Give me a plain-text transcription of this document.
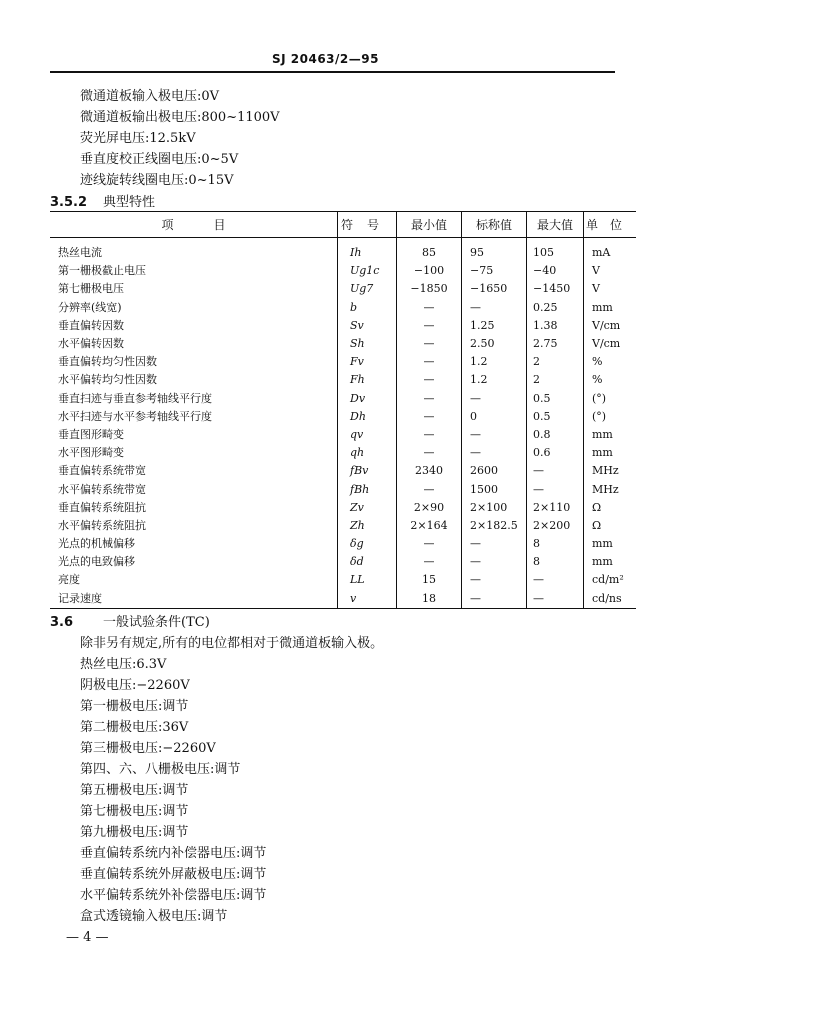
SJ 20463/2—95
微通道板输入极电压:0V
微通道板输出极电压:800~1100V
荧光屏电压:12.5kV
垂直度校正线圈电压:0~5V
迹线旋转线圈电压:0~15V
3.5.2 典型特性
项目	符号	最小值	标称值	最大值	单位

热丝电流	Ih	85	95	105	mA
第一栅极截止电压	Ug1c	−100	−75	−40	V
第七栅极电压	Ug7	−1850	−1650	−1450	V
分辨率(线宽)	b	—	—	0.25	mm
垂直偏转因数	Sv	—	1.25	1.38	V/cm
水平偏转因数	Sh	—	2.50	2.75	V/cm
垂直偏转均匀性因数	Fv	—	1.2	2	%
水平偏转均匀性因数	Fh	—	1.2	2	%
垂直扫迹与垂直参考轴线平行度	Dv	—	—	0.5	(°)
水平扫迹与水平参考轴线平行度	Dh	—	0	0.5	(°)
垂直图形畸变	qv	—	—	0.8	mm
水平图形畸变	qh	—	—	0.6	mm
垂直偏转系统带宽	fBv	2340	2600	—	MHz
水平偏转系统带宽	fBh	—	1500	—	MHz
垂直偏转系统阻抗	Zv	2×90	2×100	2×110	Ω
水平偏转系统阻抗	Zh	2×164	2×182.5	2×200	Ω
光点的机械偏移	δg	—	—	8	mm
光点的电致偏移	δd	—	—	8	mm
亮度	LL	15	—	—	cd/m²
记录速度	v	18	—	—	cd/ns
3.6 一般试验条件(TC)
除非另有规定,所有的电位都相对于微通道板输入极。
热丝电压:6.3V
阴极电压:−2260V
第一栅极电压:调节
第二栅极电压:36V
第三栅极电压:−2260V
第四、六、八栅极电压:调节
第五栅极电压:调节
第七栅极电压:调节
第九栅极电压:调节
垂直偏转系统内补偿器电压:调节
垂直偏转系统外屏蔽极电压:调节
水平偏转系统外补偿器电压:调节
盒式透镜输入极电压:调节
— 4 —
